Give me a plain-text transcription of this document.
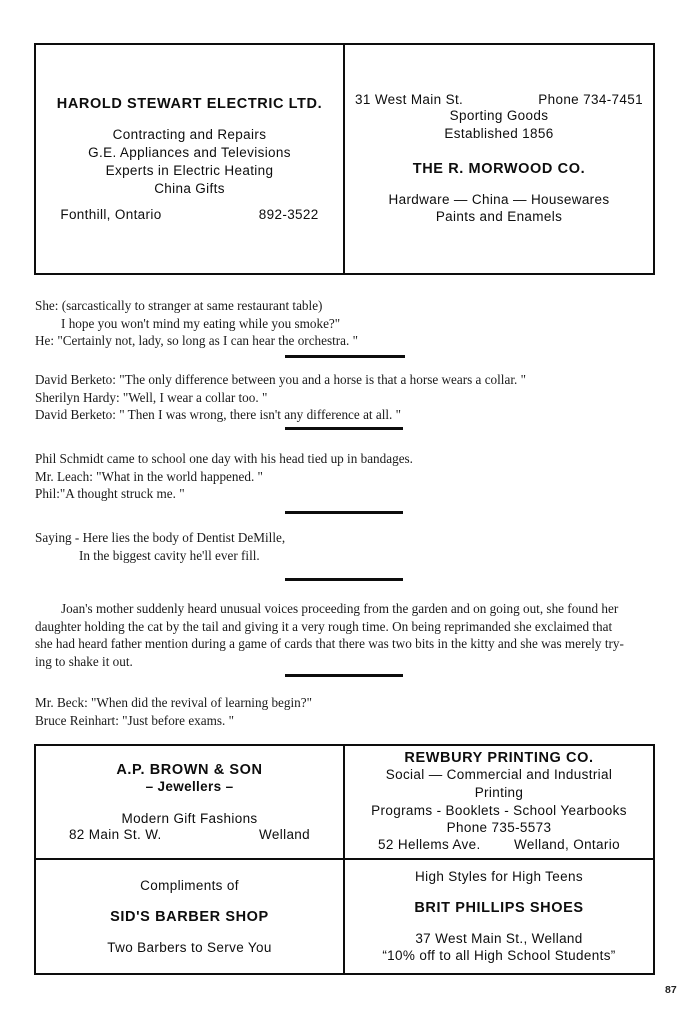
HAROLD STEWART ELECTRIC LTD.
Contracting and Repairs
G.E. Appliances and Televisions
Experts in Electric Heating
China Gifts
Fonthill, Ontario	892-3522
31 West Main St.	Phone 734-7451
Sporting Goods
Established 1856
THE R. MORWOOD CO.
Hardware — China — Housewares
Paints and Enamels
She: (sarcastically to stranger at same restaurant table)
I hope you won't mind my eating while you smoke?"
He: "Certainly not, lady, so long as I can hear the orchestra. "
David Berketo: "The only difference between you and a horse is that a horse wears a collar. "
Sherilyn Hardy: "Well, I wear a collar too. "
David Berketo: " Then I was wrong, there isn't any difference at all. "
Phil Schmidt came to school one day with his head tied up in bandages.
Mr. Leach: "What in the world happened. "
Phil:"A thought struck me. "
Saying - Here lies the body of Dentist DeMille,
In the biggest cavity he'll ever fill.
Joan's mother suddenly heard unusual voices proceeding from the garden and on going out, she found her
daughter holding the cat by the tail and giving it a very rough time. On being reprimanded she exclaimed that
she had heard father mention during a game of cards that there was two bits in the kitty and she was merely try-
ing to shake it out.
Mr. Beck: "When did the revival of learning begin?"
Bruce Reinhart: "Just before exams. "
A.P. BROWN & SON
– Jewellers –
Modern Gift Fashions
82 Main St. W.	Welland
REWBURY PRINTING CO.
Social — Commercial and Industrial
Printing
Programs - Booklets - School Yearbooks
Phone 735-5573
52 Hellems Ave. Welland, Ontario
Compliments of
SID'S BARBER SHOP
Two Barbers to Serve You
High Styles for High Teens
BRIT PHILLIPS SHOES
37 West Main St., Welland
“10% off to all High School Students”
87
